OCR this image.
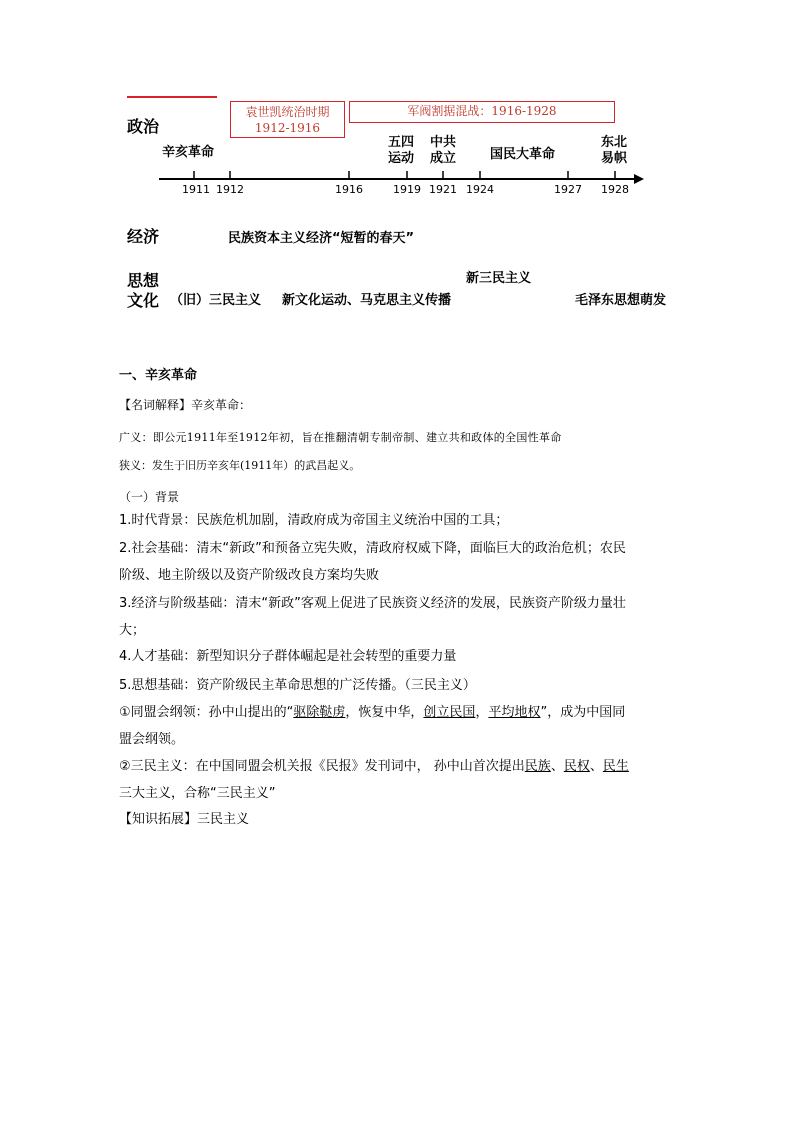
政治
袁世凯统治时期
1912-1916
军阀割据混战：1916-1928
辛亥革命
五四
运动
中共
成立	国民大革命
东北
易帜
1911 1912	1916	1919 1921 1924	1927 1928
经济	民族资本主义经济“短暂的春天”
思想
文化 （旧）三民主义 新文化运动、马克思主义传播
新三民主义
毛泽东思想萌发
一、辛亥革命
【名词解释】辛亥革命：
广义：即公元1911年至1912年初，旨在推翻清朝专制帝制、建立共和政体的全国性革命
狭义：发生于旧历辛亥年(1911年）的武昌起义。
（一）背景
1.时代背景：民族危机加剧，清政府成为帝国主义统治中国的工具；
2.社会基础：清末“新政”和预备立宪失败，清政府权威下降，面临巨大的政治危机；农民
阶级、地主阶级以及资产阶级改良方案均失败
3.经济与阶级基础：清末“新政”客观上促进了民族资义经济的发展，民族资产阶级力量壮
大；
4.人才基础：新型知识分子群体崛起是社会转型的重要力量
5.思想基础：资产阶级民主革命思想的广泛传播。（三民主义）
①同盟会纲领：孙中山提出的“驱除鞑虏，恢复中华，创立民国，平均地权”，成为中国同
盟会纲领。
②三民主义：在中国同盟会机关报《民报》发刊词中， 孙中山首次提出民族、民权、民生
三大主义，合称“三民主义”
【知识拓展】三民主义
